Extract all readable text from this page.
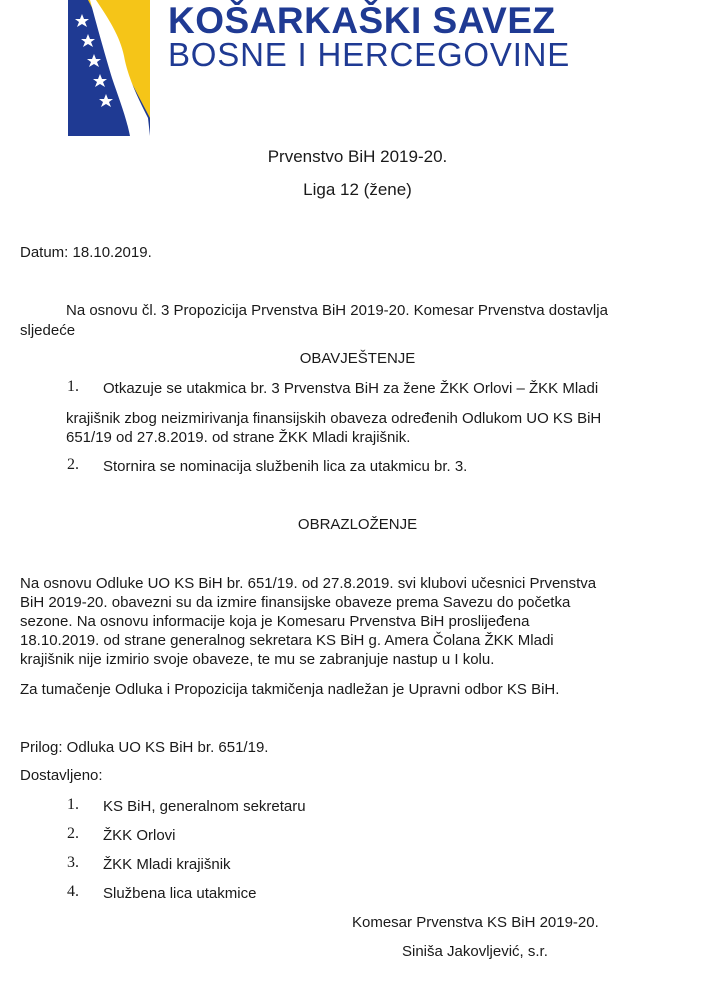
KOŠARKAŠKI SAVEZ
BOSNE I HERCEGOVINE
Prvenstvo BiH 2019-20.
Liga 12 (žene)
Datum: 18.10.2019.
Na osnovu čl. 3 Propozicija Prvenstva BiH 2019-20. Komesar Prvenstva dostavlja
sljedeće
OBAVJEŠTENJE
1. Otkazuje se utakmica br. 3 Prvenstva BiH za žene ŽKK Orlovi – ŽKK Mladi
krajišnik zbog neizmirivanja finansijskih obaveza određenih Odlukom UO KS BiH
651/19 od 27.8.2019. od strane ŽKK Mladi krajišnik.
2. Stornira se nominacija službenih lica za utakmicu br. 3.
OBRAZLOŽENJE
Na osnovu Odluke UO KS BiH br. 651/19. od 27.8.2019. svi klubovi učesnici Prvenstva
BiH 2019-20. obavezni su da izmire finansijske obaveze prema Savezu do početka
sezone. Na osnovu informacije koja je Komesaru Prvenstva BiH proslijeđena
18.10.2019. od strane generalnog sekretara KS BiH g. Amera Čolana ŽKK Mladi
krajišnik nije izmirio svoje obaveze, te mu se zabranjuje nastup u I kolu.
Za tumačenje Odluka i Propozicija takmičenja nadležan je Upravni odbor KS BiH.
Prilog: Odluka UO KS BiH br. 651/19.
Dostavljeno:
1. KS BiH, generalnom sekretaru
2. ŽKK Orlovi
3. ŽKK Mladi krajišnik
4. Službena lica utakmice
Komesar Prvenstva KS BiH 2019-20.
Siniša Jakovljević, s.r.
